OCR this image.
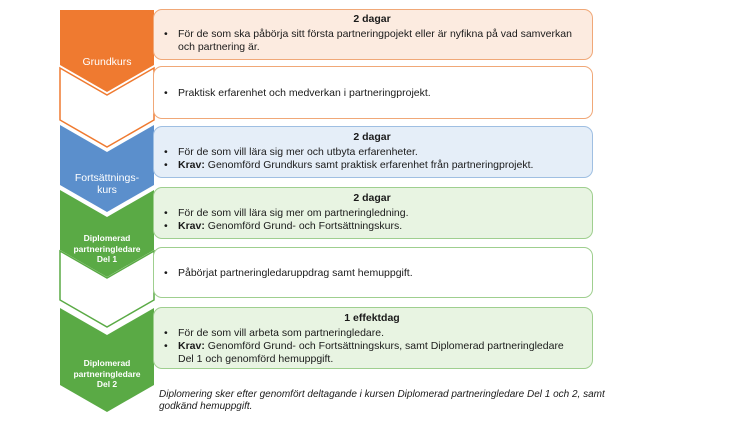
Grundkurs
Fortsättnings-kurs
Diplomerad partneringledare Del 1
Diplomerad partneringledare Del 2
2 dagar
• För de som ska påbörja sitt första partneringpojekt eller är nyfikna på vad samverkan och partnering är.
• Praktisk erfarenhet och medverkan i partneringprojekt.
2 dagar
• För de som vill lära sig mer och utbyta erfarenheter.
• Krav: Genomförd Grundkurs samt praktisk erfarenhet från partneringprojekt.
2 dagar
• För de som vill lära sig mer om partneringledning.
• Krav: Genomförd Grund- och Fortsättningskurs.
• Påbörjat partneringledaruppdrag samt hemuppgift.
1 effektdag
• För de som vill arbeta som partneringledare.
• Krav: Genomförd Grund- och Fortsättningskurs, samt Diplomerad partneringledare Del 1 och genomförd hemuppgift.
Diplomering sker efter genomfört deltagande i kursen Diplomerad partneringledare Del 1 och 2, samt godkänd hemuppgift.
